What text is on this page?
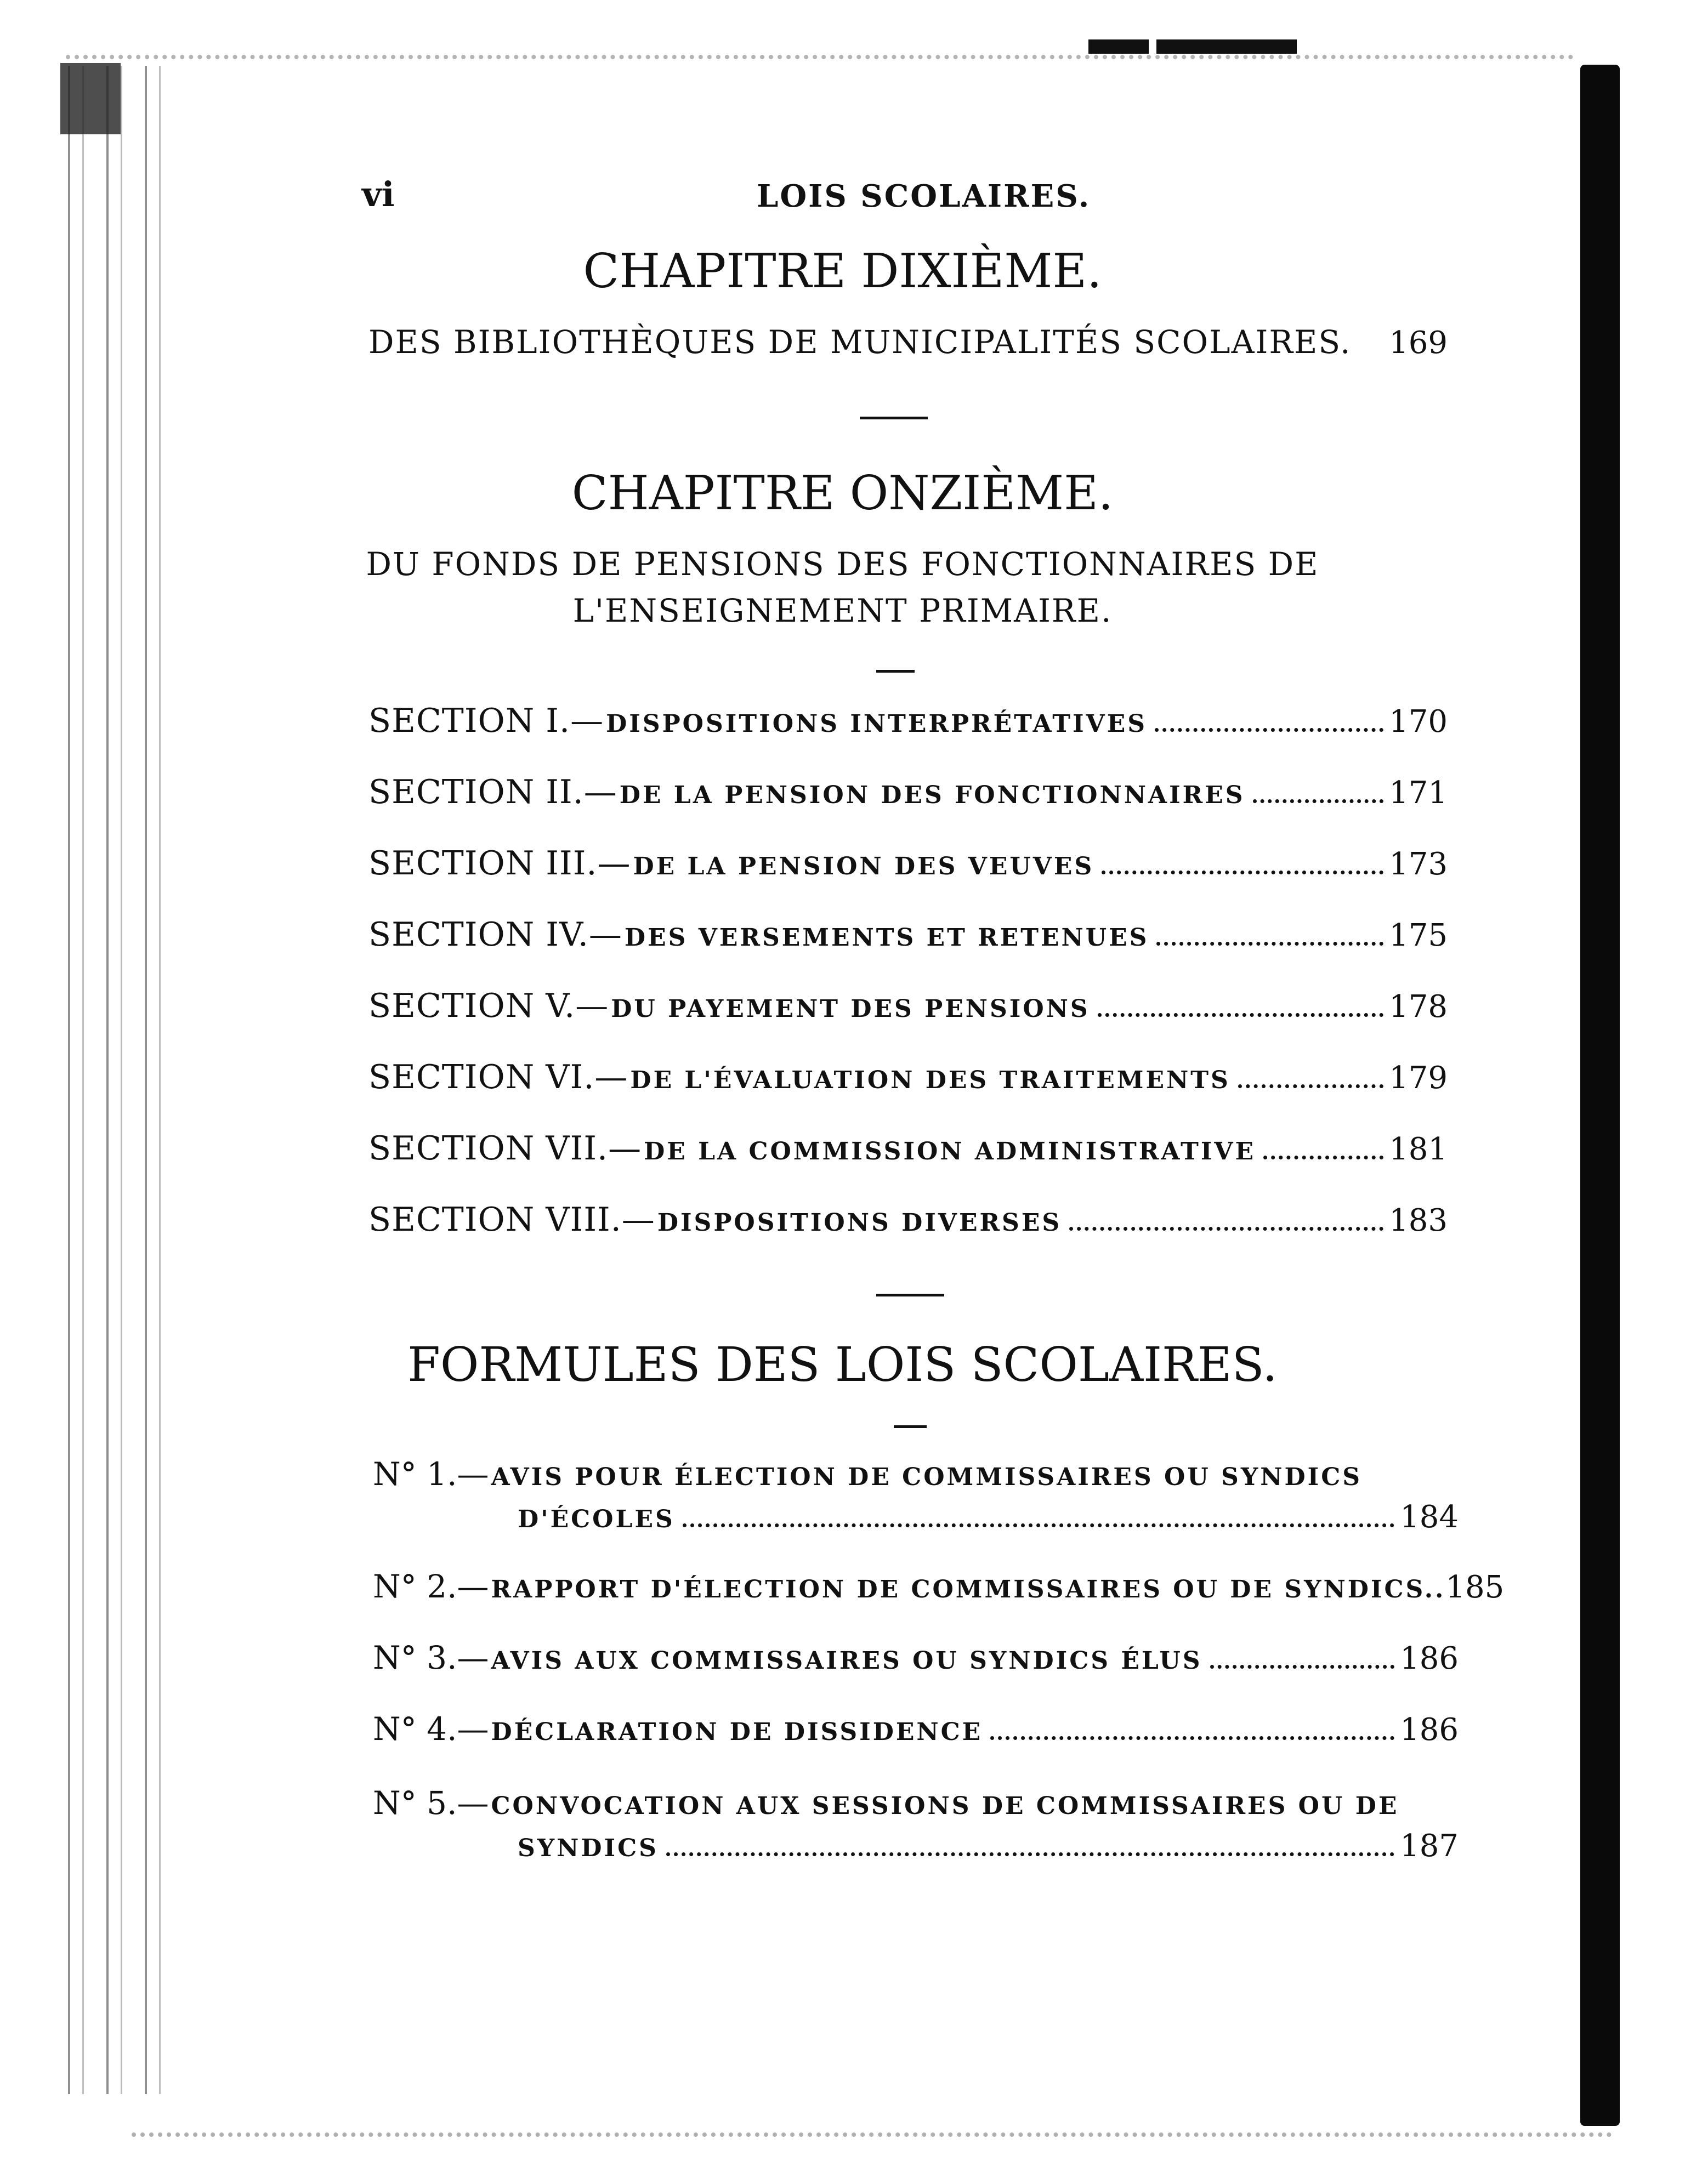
vi	LOIS SCOLAIRES.
CHAPITRE DIXIÈME.
DES BIBLIOTHÈQUES DE MUNICIPALITÉS SCOLAIRES. 169
CHAPITRE ONZIÈME.
DU FONDS DE PENSIONS DES FONCTIONNAIRES DE
L'ENSEIGNEMENT PRIMAIRE.
SECTION I.— DISPOSITIONS INTERPRÉTATIVES	170
SECTION II.— DE LA PENSION DES FONCTIONNAIRES	171
SECTION III.— DE LA PENSION DES VEUVES	173
SECTION IV.— DES VERSEMENTS ET RETENUES	175
SECTION V.— DU PAYEMENT DES PENSIONS	178
SECTION VI.— DE L'ÉVALUATION DES TRAITEMENTS	179
SECTION VII.— DE LA COMMISSION ADMINISTRATIVE	181
SECTION VIII.— DISPOSITIONS DIVERSES	183
FORMULES DES LOIS SCOLAIRES.
N° 1.— AVIS POUR ÉLECTION DE COMMISSAIRES OU SYNDICS
D'ÉCOLES	184
N° 2.— RAPPORT D'ÉLECTION DE COMMISSAIRES OU DE SYNDICS.. 185
N° 3.— AVIS AUX COMMISSAIRES OU SYNDICS ÉLUS	186
N° 4.— DÉCLARATION DE DISSIDENCE	186
N° 5.— CONVOCATION AUX SESSIONS DE COMMISSAIRES OU DE
SYNDICS	187
